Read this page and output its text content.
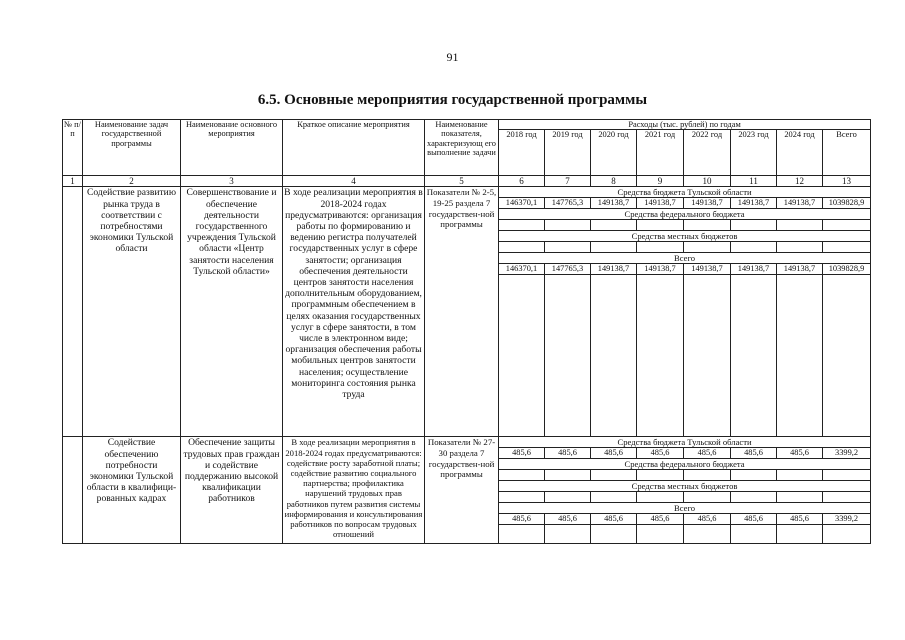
91
6.5. Основные мероприятия государственной программы
№ п/п	Наименование задач государственной программы	Наименование основного мероприятия	Краткое описание мероприятия	Наименование показателя, характеризующ его выполнение задачи	Расходы (тыс. рублей) по годам							
					2018 год	2019 год	2020 год	2021 год	2022 год	2023 год	2024 год	Всего
1	2	3	4	5	6	7	8	9	10	11	12	13
	Содействие развитию рынка труда в соответствии с потребностями экономики Тульской области	Совершенствование и обеспечение деятельности государственного учреждения Тульской области «Центр занятости населения Тульской области»	В ходе реализации мероприятия в 2018-2024 годах предусматриваются: организация работы по формированию и ведению регистра получателей государственных услуг в сфере занятости; организация обеспечения деятельности центров занятости населения дополнительным оборудованием, программным обеспечением в целях оказания государственных услуг в сфере занятости, в том числе в электронном виде; организация обеспечения работы мобильных центров занятости населения; осуществление мониторинга состояния рынка труда	Показатели № 2-5, 19-25 раздела 7 государствен-ной программы	Средства бюджета Тульской области							
					146370,1	147765,3	149138,7	149138,7	149138,7	149138,7	149138,7	1039828,9
					Средства федерального бюджета							

					Средства местных бюджетов							

					Всего							
					146370,1	147765,3	149138,7	149138,7	149138,7	149138,7	149138,7	1039828,9

	Содействие обеспечению потребности экономики Тульской области в квалифици-рованных кадрах	Обеспечение защиты трудовых прав граждан и содействие поддержанию высокой квалификации работников	В ходе реализации мероприятия в 2018-2024 годах предусматриваются: содействие росту заработной платы; содействие развитию социального партнерства; профилактика нарушений трудовых прав работников путем развития системы информирования и консультирования работников по вопросам трудовых отношений	Показатели № 27-30 раздела 7 государствен-ной программы	Средства бюджета Тульской области							
					485,6	485,6	485,6	485,6	485,6	485,6	485,6	3399,2
					Средства федерального бюджета							

					Средства местных бюджетов							

					Всего							
					485,6	485,6	485,6	485,6	485,6	485,6	485,6	3399,2
